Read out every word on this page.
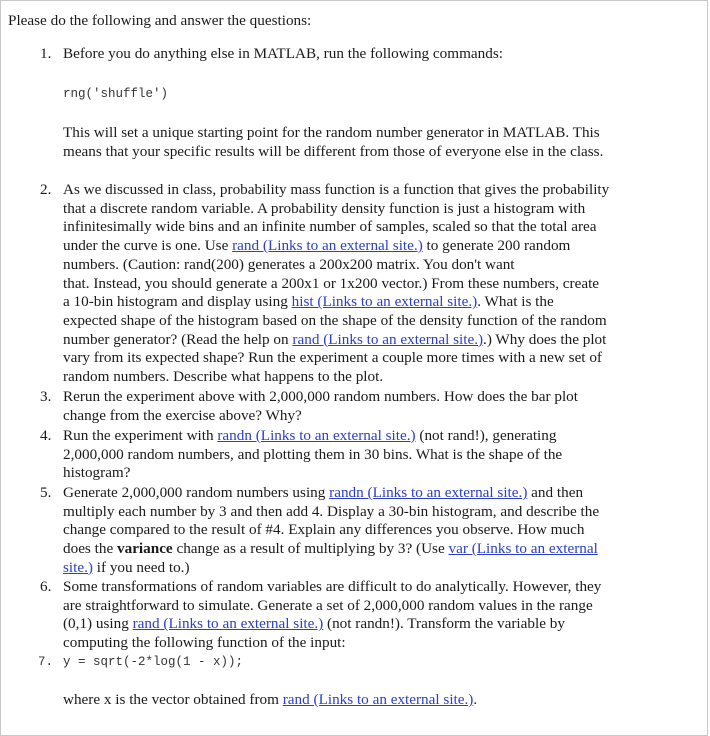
Please do the following and answer the questions:
1. Before you do anything else in MATLAB, run the following commands:
rng('shuffle')
This will set a unique starting point for the random number generator in MATLAB. This
means that your specific results will be different from those of everyone else in the class.
2. As we discussed in class, probability mass function is a function that gives the probability
that a discrete random variable. A probability density function is just a histogram with
infinitesimally wide bins and an infinite number of samples, scaled so that the total area
under the curve is one. Use rand (Links to an external site.) to generate 200 random
numbers. (Caution: rand(200) generates a 200x200 matrix. You don't want
that. Instead, you should generate a 200x1 or 1x200 vector.) From these numbers, create
a 10-bin histogram and display using hist (Links to an external site.). What is the
expected shape of the histogram based on the shape of the density function of the random
number generator? (Read the help on rand (Links to an external site.).) Why does the plot
vary from its expected shape? Run the experiment a couple more times with a new set of
random numbers. Describe what happens to the plot.
3. Rerun the experiment above with 2,000,000 random numbers. How does the bar plot
change from the exercise above? Why?
4. Run the experiment with randn (Links to an external site.) (not rand!), generating
2,000,000 random numbers, and plotting them in 30 bins. What is the shape of the
histogram?
5. Generate 2,000,000 random numbers using randn (Links to an external site.) and then
multiply each number by 3 and then add 4. Display a 30-bin histogram, and describe the
change compared to the result of #4. Explain any differences you observe. How much
does the variance change as a result of multiplying by 3? (Use var (Links to an external
site.) if you need to.)
6. Some transformations of random variables are difficult to do analytically. However, they
are straightforward to simulate. Generate a set of 2,000,000 random values in the range
(0,1) using rand (Links to an external site.) (not randn!). Transform the variable by
computing the following function of the input:
7. y = sqrt(-2*log(1 - x));
where x is the vector obtained from rand (Links to an external site.).
